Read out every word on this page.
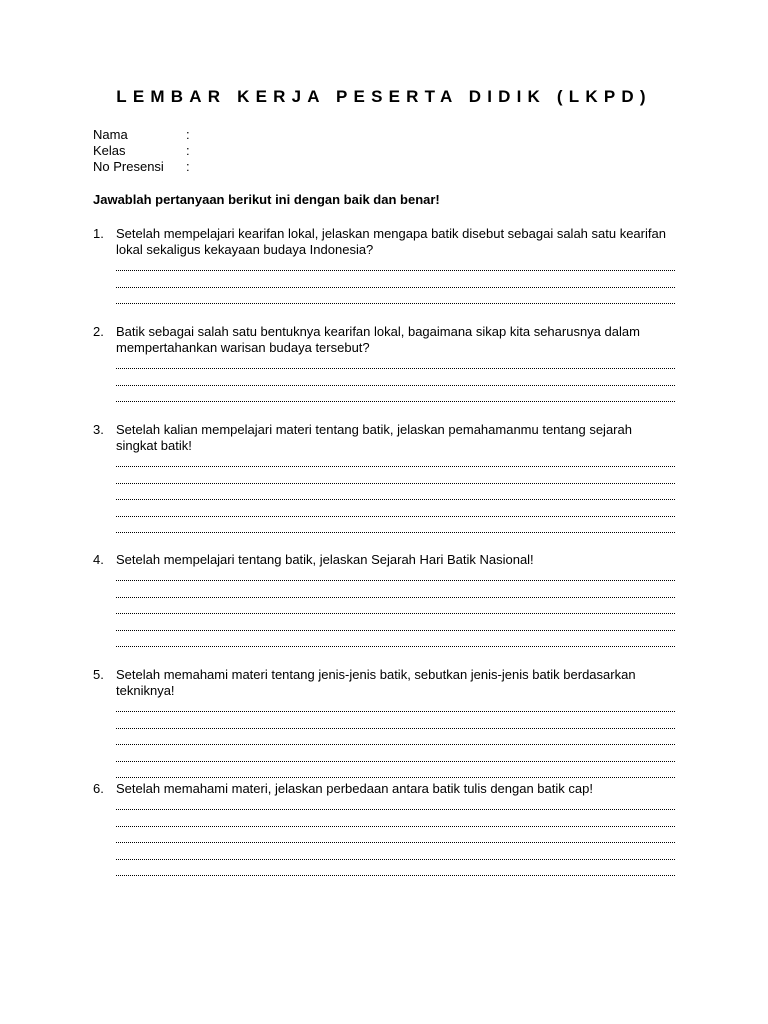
LEMBAR KERJA PESERTA DIDIK (LKPD)
Nama	:
Kelas	:
No Presensi	:
Jawablah pertanyaan berikut ini dengan baik dan benar!
1. Setelah mempelajari kearifan lokal, jelaskan mengapa batik disebut sebagai salah satu kearifan lokal sekaligus kekayaan budaya Indonesia?
2. Batik sebagai salah satu bentuknya kearifan lokal, bagaimana sikap kita seharusnya dalam mempertahankan warisan budaya tersebut?
3. Setelah kalian mempelajari materi tentang batik, jelaskan pemahamanmu tentang sejarah singkat batik!
4. Setelah mempelajari tentang batik, jelaskan Sejarah Hari Batik Nasional!
5. Setelah memahami materi tentang jenis-jenis batik, sebutkan jenis-jenis batik berdasarkan tekniknya!
6. Setelah memahami materi, jelaskan perbedaan antara batik tulis dengan batik cap!
